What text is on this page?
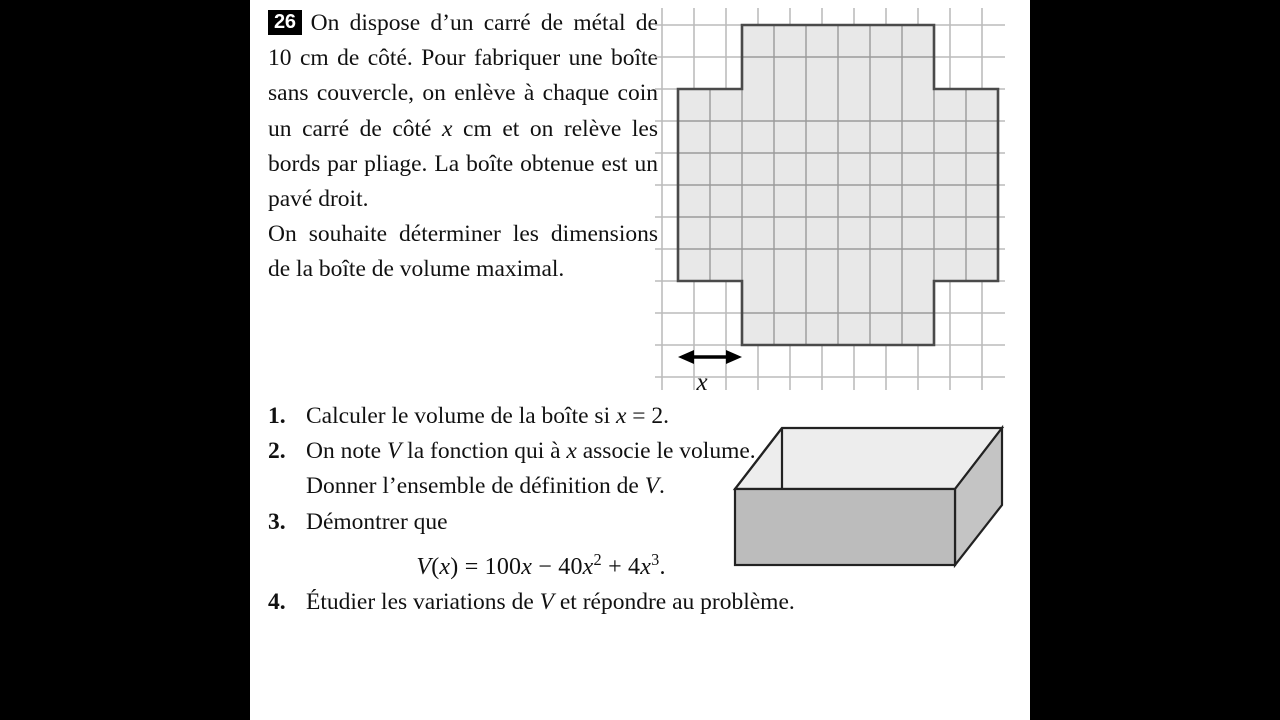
26 On dispose d’un carré de métal de 10 cm de côté. Pour fabriquer une boîte sans couvercle, on enlève à chaque coin un carré de côté x cm et on relève les bords par pliage. La boîte obtenue est un pavé droit.

On souhaite déterminer les dimensions de la boîte de volume maximal.

1. Calculer le volume de la boîte si x = 2.
2. On note V la fonction qui à x associe le volume.
Donner l’ensemble de définition de V.
3. Démontrer que
$V(x) = 100x - 40x^2 + 4x^3$.
4. Étudier les variations de V et répondre au problème.
x
